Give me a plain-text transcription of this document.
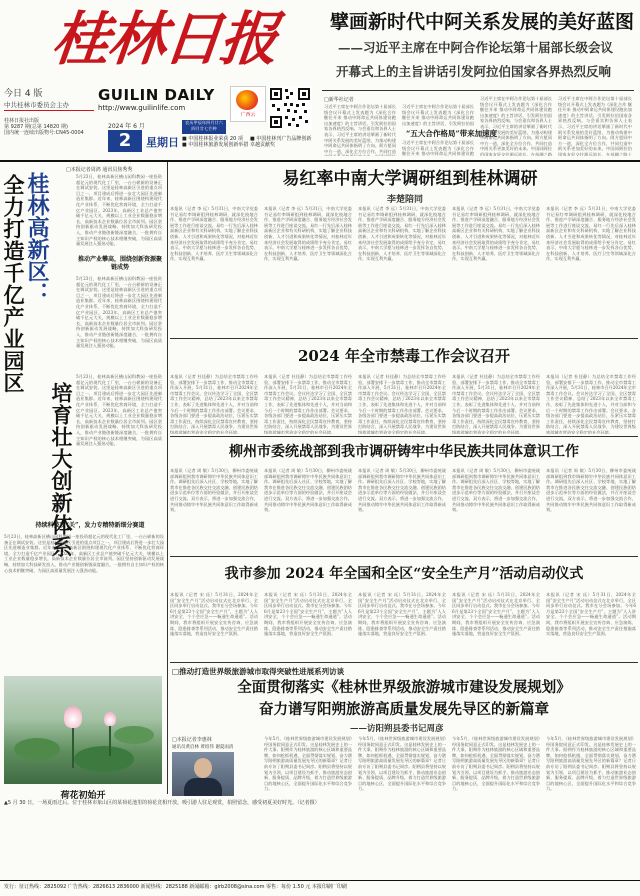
桂林日报
今日 4 版
中共桂林市委员会主办
GUILIN DAILY
http://www.guilinlife.com
桂林日报社出版
第 9287 期(总第 14820 期)
国内统一连续出版物号:CN45-0004
2024 年 6 月
2	星期日
农历甲辰年四月廿六
四月廿七芒种
广西云
■ 中国桂林报业荣获 20 项
■ 中国桂林旅游发展创新举措
■ 中国桂林刊广告品牌创新
卓越贡献奖
擘画新时代中阿关系发展的美好蓝图
——习近平主席在中阿合作论坛第十届部长级会议
开幕式上的主旨讲话引发阿拉伯国家各界热烈反响
□新华社记者
习近平主席在中阿合作论坛第十届部长级会议开幕式上发表题为《深化合作 继往开来 推动中阿命运共同体建设跑出加速度》的主旨讲话，引发阿拉伯国家各界热烈反响。与会嘉宾和各界人士表示，习近平主席的讲话擘画了新时代中阿关系发展的美好蓝图，为推动构建中阿命运共同体指明了方向。阿方愿同中方一道，深化全方位合作，共同打造
习近平主席在中阿合作论坛第十届部长级会议开幕式上发表题为《深化合作 继往开来 推动中阿命运共同体建设跑出加速度》的主旨讲话，引发阿拉伯国
“五大合作格局”带来加速度
习近平主席在中阿合作论坛第十届部长级会议开幕式上发表题为《深化合作 继往开来 推动中阿命运共同体建设跑
习近平主席在中阿合作论坛第十届部长级会议开幕式上发表题为《深化合作 继往开来 推动中阿命运共同体建设跑出加速度》的主旨讲话，引发阿拉伯国家各界热烈反响。与会嘉宾和各界人士表示，习近平主席的讲话擘画了新时代中阿关系发展的美好蓝图，为推动构建中阿命运共同体指明了方向。阿方愿同中方一道，深化全方位合作，共同打造中阿关系更加美好的未来。中国同阿拉伯国家友好交往源远流长，在丝绸之路
习近平主席在中阿合作论坛第十届部长级会议开幕式上发表题为《深化合作 继往开来 推动中阿命运共同体建设跑出加速度》的主旨讲话，引发阿拉伯国家各界热烈反响。与会嘉宾和各界人士表示，习近平主席的讲话擘画了新时代中阿关系发展的美好蓝图，为推动构建中阿命运共同体指明了方向。阿方愿同中方一道，深化全方位合作，共同打造中阿关系更加美好的未来。中国同阿拉伯国家友好交往源远流长，在丝绸之路上
□本报记者周鸿 通讯员焦秀秀
桂林高新区：
全力打造千亿产业园区
培育壮大创新体系
5月23日，桂林高新区横山园科教园一座投资超亿元的现代化工厂里，一台台崭新的设备正在调试安装。这里是桂林高新区引进的重点项目之一，项目建成后将进一步壮大园区先进制造业集群。近年来，桂林高新区围绕构建现代化产业体系，不断优化营商环境，全力打造千亿产业园区。2023年，高新区工业总产值突破千亿元大关，规模以上工业企业数量稳步增长，高新技术企业数量位居全市前列。园区坚持创新驱动发展战略，持续加大科技研发投入，推动产业链创新链深度融合，一批拥有自主知识产权的核心技术相继突破，为园区高质量发展注入强劲动能。
推动产业攀高，围绕创新资源聚链成势
5月23日，桂林高新区横山园科教园一座投资超亿元的现代化工厂里，一台台崭新的设备正在调试安装。这里是桂林高新区引进的重点项目之一，项目建成后将进一步壮大园区先进制造业集群。近年来，桂林高新区围绕构建现代化产业体系，不断优化营商环境，全力打造千亿产业园区。2023年，高新区工业总产值突破千亿元大关，规模以上工业企业数量稳步增长，高新技术企业数量位居全市前列。园区坚持创新驱动发展战略，持续加大科技研发投入，推动产业链创新链深度融合，一批拥有自主知识产权的核心技术相继突破，为园区高质量发展注入强劲动能。
5月23日，桂林高新区横山园科教园一座投资超亿元的现代化工厂里，一台台崭新的设备正在调试安装。这里是桂林高新区引进的重点项目之一，项目建成后将进一步壮大园区先进制造业集群。近年来，桂林高新区围绕构建现代化产业体系，不断优化营商环境，全力打造千亿产业园区。2023年，高新区工业总产值突破千亿元大关，规模以上工业企业数量稳步增长，高新技术企业数量位居全市前列。园区坚持创新驱动发展战略，持续加大科技研发投入，推动产业链创新链深度融合，一批拥有自主知识产权的核心技术相继突破，为园区高质量发展注入强劲动能。
持续科技攻“关”，发力专精特新细分赛道
5月23日，桂林高新区横山园科教园一座投资超亿元的现代化工厂里，一台台崭新的设备正在调试安装。这里是桂林高新区引进的重点项目之一，项目建成后将进一步壮大园区先进制造业集群。近年来，桂林高新区围绕构建现代化产业体系，不断优化营商环境，全力打造千亿产业园区。2023年，高新区工业总产值突破千亿元大关，规模以上工业企业数量稳步增长，高新技术企业数量位居全市前列。园区坚持创新驱动发展战略，持续加大科技研发投入，推动产业链创新链深度融合，一批拥有自主知识产权的核心技术相继突破，为园区高质量发展注入强劲动能。
荷花初始开
▲5 月 30 日，一场夏雨过后，位于桂林市象山区的某荷花池里的荷花竞相开放，吸引游人驻足观赏，拍照留念，感受初夏美好时光。（记者摄）
易红率中南大学调研组到桂林调研
李楚陪同
本报讯（记者 李 远）5月31日，中南大学党委书记易红率调研组到桂林调研，就深化校地合作、推进产学研深度融合、服务地方经济社会发展等工作进行座谈交流。易红一行先后深入桂林高新区企业和有关科研机构，实地了解企业科技创新、人才引进和成果转化等情况，对桂林近年来经济社会发展取得的成绩给予充分肯定。易红表示，中南大学愿与桂林进一步发挥各自优势，在科技创新、人才培养、医疗卫生等领域深化合作，实现互利共赢。
本报讯（记者 李 远）5月31日，中南大学党委书记易红率调研组到桂林调研，就深化校地合作、推进产学研深度融合、服务地方经济社会发展等工作进行座谈交流。易红一行先后深入桂林高新区企业和有关科研机构，实地了解企业科技创新、人才引进和成果转化等情况，对桂林近年来经济社会发展取得的成绩给予充分肯定。易红表示，中南大学愿与桂林进一步发挥各自优势，在科技创新、人才培养、医疗卫生等领域深化合作，实现互利共赢。
本报讯（记者 李 远）5月31日，中南大学党委书记易红率调研组到桂林调研，就深化校地合作、推进产学研深度融合、服务地方经济社会发展等工作进行座谈交流。易红一行先后深入桂林高新区企业和有关科研机构，实地了解企业科技创新、人才引进和成果转化等情况，对桂林近年来经济社会发展取得的成绩给予充分肯定。易红表示，中南大学愿与桂林进一步发挥各自优势，在科技创新、人才培养、医疗卫生等领域深化合作，实现互利共赢。
本报讯（记者 李 远）5月31日，中南大学党委书记易红率调研组到桂林调研，就深化校地合作、推进产学研深度融合、服务地方经济社会发展等工作进行座谈交流。易红一行先后深入桂林高新区企业和有关科研机构，实地了解企业科技创新、人才引进和成果转化等情况，对桂林近年来经济社会发展取得的成绩给予充分肯定。易红表示，中南大学愿与桂林进一步发挥各自优势，在科技创新、人才培养、医疗卫生等领域深化合作，实现互利共赢。
本报讯（记者 李 远）5月31日，中南大学党委书记易红率调研组到桂林调研，就深化校地合作、推进产学研深度融合、服务地方经济社会发展等工作进行座谈交流。易红一行先后深入桂林高新区企业和有关科研机构，实地了解企业科技创新、人才引进和成果转化等情况，对桂林近年来经济社会发展取得的成绩给予充分肯定。易红表示，中南大学愿与桂林进一步发挥各自优势，在科技创新、人才培养、医疗卫生等领域深化合作，实现互利共赢。
2024 年全市禁毒工作会议召开
本报讯（记者 杜佳静）为总结全市禁毒工作经验，部署安排下一步禁毒工作，推动全市禁毒工作深入开展，5月31日，桂林市召开2024年全市禁毒工作会议。会议传达学习了全国、全区禁毒工作会议精神，总结了2023年以来全市禁毒工作，表彰了先进集体和先进个人，并对当前和今后一个时期的禁毒工作作出部署。会议要求，各级各部门要进一步提高政治站位，压紧压实禁毒工作责任，持续深化全民禁毒宣传教育，坚持打防结合，深入开展禁毒人民战争，为建设世界级旅游城市营造安全稳定的社会环境。
本报讯（记者 杜佳静）为总结全市禁毒工作经验，部署安排下一步禁毒工作，推动全市禁毒工作深入开展，5月31日，桂林市召开2024年全市禁毒工作会议。会议传达学习了全国、全区禁毒工作会议精神，总结了2023年以来全市禁毒工作，表彰了先进集体和先进个人，并对当前和今后一个时期的禁毒工作作出部署。会议要求，各级各部门要进一步提高政治站位，压紧压实禁毒工作责任，持续深化全民禁毒宣传教育，坚持打防结合，深入开展禁毒人民战争，为建设世界级旅游城市营造安全稳定的社会环境。
本报讯（记者 杜佳静）为总结全市禁毒工作经验，部署安排下一步禁毒工作，推动全市禁毒工作深入开展，5月31日，桂林市召开2024年全市禁毒工作会议。会议传达学习了全国、全区禁毒工作会议精神，总结了2023年以来全市禁毒工作，表彰了先进集体和先进个人，并对当前和今后一个时期的禁毒工作作出部署。会议要求，各级各部门要进一步提高政治站位，压紧压实禁毒工作责任，持续深化全民禁毒宣传教育，坚持打防结合，深入开展禁毒人民战争，为建设世界级旅游城市营造安全稳定的社会环境。
本报讯（记者 杜佳静）为总结全市禁毒工作经验，部署安排下一步禁毒工作，推动全市禁毒工作深入开展，5月31日，桂林市召开2024年全市禁毒工作会议。会议传达学习了全国、全区禁毒工作会议精神，总结了2023年以来全市禁毒工作，表彰了先进集体和先进个人，并对当前和今后一个时期的禁毒工作作出部署。会议要求，各级各部门要进一步提高政治站位，压紧压实禁毒工作责任，持续深化全民禁毒宣传教育，坚持打防结合，深入开展禁毒人民战争，为建设世界级旅游城市营造安全稳定的社会环境。
本报讯（记者 杜佳静）为总结全市禁毒工作经验，部署安排下一步禁毒工作，推动全市禁毒工作深入开展，5月31日，桂林市召开2024年全市禁毒工作会议。会议传达学习了全国、全区禁毒工作会议精神，总结了2023年以来全市禁毒工作，表彰了先进集体和先进个人，并对当前和今后一个时期的禁毒工作作出部署。会议要求，各级各部门要进一步提高政治站位，压紧压实禁毒工作责任，持续深化全民禁毒宣传教育，坚持打防结合，深入开展禁毒人民战争，为建设世界级旅游城市营造安全稳定的社会环境。
柳州市委统战部到我市调研铸牢中华民族共同体意识工作
本报讯（记者 周 敏）5月30日，柳州市委统战部调研组到我市调研铸牢中华民族共同体意识工作。调研组先后深入社区、学校等地，实地了解我市在推进各民族交往交流交融、创建民族团结进步示范单位等方面的经验做法，并召开座谈会进行交流。双方表示，将进一步加强交流合作，共同推动铸牢中华民族共同体意识工作取得新成效。
本报讯（记者 周 敏）5月30日，柳州市委统战部调研组到我市调研铸牢中华民族共同体意识工作。调研组先后深入社区、学校等地，实地了解我市在推进各民族交往交流交融、创建民族团结进步示范单位等方面的经验做法，并召开座谈会进行交流。双方表示，将进一步加强交流合作，共同推动铸牢中华民族共同体意识工作取得新成效。
本报讯（记者 周 敏）5月30日，柳州市委统战部调研组到我市调研铸牢中华民族共同体意识工作。调研组先后深入社区、学校等地，实地了解我市在推进各民族交往交流交融、创建民族团结进步示范单位等方面的经验做法，并召开座谈会进行交流。双方表示，将进一步加强交流合作，共同推动铸牢中华民族共同体意识工作取得新成效。
本报讯（记者 周 敏）5月30日，柳州市委统战部调研组到我市调研铸牢中华民族共同体意识工作。调研组先后深入社区、学校等地，实地了解我市在推进各民族交往交流交融、创建民族团结进步示范单位等方面的经验做法，并召开座谈会进行交流。双方表示，将进一步加强交流合作，共同推动铸牢中华民族共同体意识工作取得新成效。
本报讯（记者 周 敏）5月30日，柳州市委统战部调研组到我市调研铸牢中华民族共同体意识工作。调研组先后深入社区、学校等地，实地了解我市在推进各民族交往交流交融、创建民族团结进步示范单位等方面的经验做法，并召开座谈会进行交流。双方表示，将进一步加强交流合作，共同推动铸牢中华民族共同体意识工作取得新成效。
我市参加 2024 年全国和全区“安全生产月”活动启动仪式
本报讯（记者 宋 珏）5月31日，2024年全国“安全生产月”活动启动仪式在北京举行，全区同步举行启动仪式。我市在分会场参加。今年6月是第23个全国“安全生产月”，主题为“人人讲安全、个个会应急——畅通生命通道”。活动期间，我市将组织开展安全宣传咨询、应急演练、隐患排查等系列活动，推动安全生产责任措施落实落地，营造良好安全生产氛围。
本报讯（记者 宋 珏）5月31日，2024年全国“安全生产月”活动启动仪式在北京举行，全区同步举行启动仪式。我市在分会场参加。今年6月是第23个全国“安全生产月”，主题为“人人讲安全、个个会应急——畅通生命通道”。活动期间，我市将组织开展安全宣传咨询、应急演练、隐患排查等系列活动，推动安全生产责任措施落实落地，营造良好安全生产氛围。
本报讯（记者 宋 珏）5月31日，2024年全国“安全生产月”活动启动仪式在北京举行，全区同步举行启动仪式。我市在分会场参加。今年6月是第23个全国“安全生产月”，主题为“人人讲安全、个个会应急——畅通生命通道”。活动期间，我市将组织开展安全宣传咨询、应急演练、隐患排查等系列活动，推动安全生产责任措施落实落地，营造良好安全生产氛围。
本报讯（记者 宋 珏）5月31日，2024年全国“安全生产月”活动启动仪式在北京举行，全区同步举行启动仪式。我市在分会场参加。今年6月是第23个全国“安全生产月”，主题为“人人讲安全、个个会应急——畅通生命通道”。活动期间，我市将组织开展安全宣传咨询、应急演练、隐患排查等系列活动，推动安全生产责任措施落实落地，营造良好安全生产氛围。
本报讯（记者 宋 珏）5月31日，2024年全国“安全生产月”活动启动仪式在北京举行，全区同步举行启动仪式。我市在分会场参加。今年6月是第23个全国“安全生产月”，主题为“人人讲安全、个个会应急——畅通生命通道”。活动期间，我市将组织开展安全宣传咨询、应急演练、隐患排查等系列活动，推动安全生产责任措施落实落地，营造良好安全生产氛围。
□推动打造世界级旅游城市取得突破性进展系列访谈
全面贯彻落实《桂林世界级旅游城市建设发展规划》
奋力谱写阳朔旅游高质量发展先导区的新篇章
——访阳朔县委书记周彦
□本报记者李惠林
通讯员黄启林 黄绍伟 谢夏雨清
今年5月，《桂林世界级旅游城市建设发展规划》经国务院同意正式印发。这是桂林发展史上的一件大事。阳朔作为桂林旅游的核心区域和重要品牌，如何抢抓机遇，全面贯彻落实规划，奋力谱写阳朔旅游高质量发展先导区的新篇章？记者日前专访了阳朔县委书记周彦。阳朔县将坚持以规划为引领，以项目建设为抓手，推动旅游业态创新、服务提质、品牌升级，着力打造世界级旅游目的地核心区，全面提升国际化水平和综合竞争力。
今年5月，《桂林世界级旅游城市建设发展规划》经国务院同意正式印发。这是桂林发展史上的一件大事。阳朔作为桂林旅游的核心区域和重要品牌，如何抢抓机遇，全面贯彻落实规划，奋力谱写阳朔旅游高质量发展先导区的新篇章？记者日前专访了阳朔县委书记周彦。阳朔县将坚持以规划为引领，以项目建设为抓手，推动旅游业态创新、服务提质、品牌升级，着力打造世界级旅游目的地核心区，全面提升国际化水平和综合竞争力。
今年5月，《桂林世界级旅游城市建设发展规划》经国务院同意正式印发。这是桂林发展史上的一件大事。阳朔作为桂林旅游的核心区域和重要品牌，如何抢抓机遇，全面贯彻落实规划，奋力谱写阳朔旅游高质量发展先导区的新篇章？记者日前专访了阳朔县委书记周彦。阳朔县将坚持以规划为引领，以项目建设为抓手，推动旅游业态创新、服务提质、品牌升级，着力打造世界级旅游目的地核心区，全面提升国际化水平和综合竞争力。
今年5月，《桂林世界级旅游城市建设发展规划》经国务院同意正式印发。这是桂林发展史上的一件大事。阳朔作为桂林旅游的核心区域和重要品牌，如何抢抓机遇，全面贯彻落实规划，奋力谱写阳朔旅游高质量发展先导区的新篇章？记者日前专访了阳朔县委书记周彦。阳朔县将坚持以规划为引领，以项目建设为抓手，推动旅游业态创新、服务提质、品牌升级，着力打造世界级旅游目的地核心区，全面提升国际化水平和综合竞争力。
发行：征订热线：2825092 广告热线：2826613 2836000 新闻热线：2825188 新闻邮箱：glrb2008@sina.com 零售：每份 1.50 元 本报印刷厂印刷
